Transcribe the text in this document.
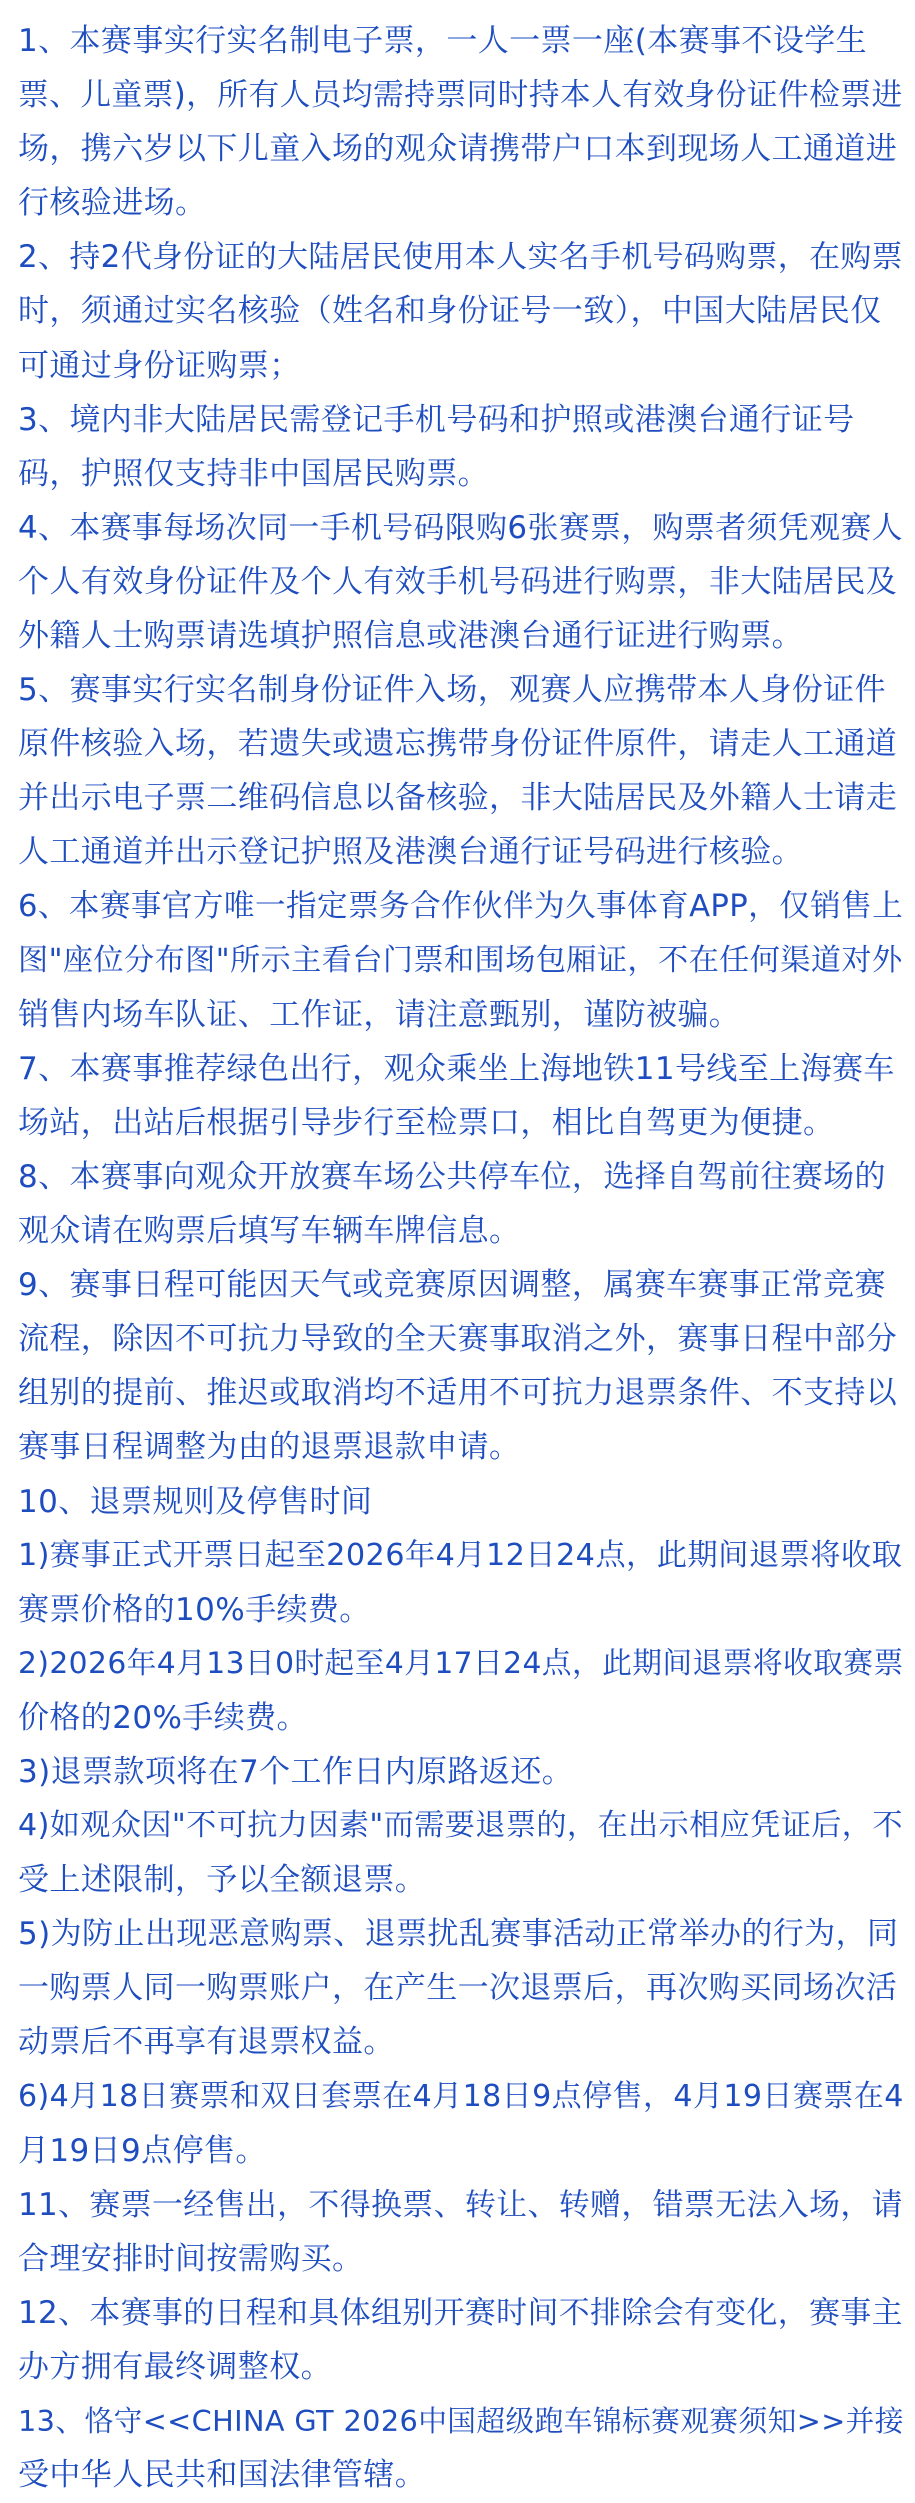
1、本赛事实行实名制电子票，一人一票一座(本赛事不设学生
票、儿童票)，所有人员均需持票同时持本人有效身份证件检票进
场，携六岁以下儿童入场的观众请携带户口本到现场人工通道进
行核验进场。
2、持2代身份证的大陆居民使用本人实名手机号码购票，在购票
时，须通过实名核验（姓名和身份证号一致），中国大陆居民仅
可通过身份证购票；
3、境内非大陆居民需登记手机号码和护照或港澳台通行证号
码，护照仅支持非中国居民购票。
4、本赛事每场次同一手机号码限购6张赛票，购票者须凭观赛人
个人有效身份证件及个人有效手机号码进行购票，非大陆居民及
外籍人士购票请选填护照信息或港澳台通行证进行购票。
5、赛事实行实名制身份证件入场，观赛人应携带本人身份证件
原件核验入场，若遗失或遗忘携带身份证件原件，请走人工通道
并出示电子票二维码信息以备核验，非大陆居民及外籍人士请走
人工通道并出示登记护照及港澳台通行证号码进行核验。
6、本赛事官方唯一指定票务合作伙伴为久事体育APP，仅销售上
图"座位分布图"所示主看台门票和围场包厢证，不在任何渠道对外
销售内场车队证、工作证，请注意甄别，谨防被骗。
7、本赛事推荐绿色出行，观众乘坐上海地铁11号线至上海赛车
场站，出站后根据引导步行至检票口，相比自驾更为便捷。
8、本赛事向观众开放赛车场公共停车位，选择自驾前往赛场的
观众请在购票后填写车辆车牌信息。
9、赛事日程可能因天气或竞赛原因调整，属赛车赛事正常竞赛
流程，除因不可抗力导致的全天赛事取消之外，赛事日程中部分
组别的提前、推迟或取消均不适用不可抗力退票条件、不支持以
赛事日程调整为由的退票退款申请。
10、退票规则及停售时间
1)赛事正式开票日起至2026年4月12日24点，此期间退票将收取
赛票价格的10%手续费。
2)2026年4月13日0时起至4月17日24点，此期间退票将收取赛票
价格的20%手续费。
3)退票款项将在7个工作日内原路返还。
4)如观众因"不可抗力因素"而需要退票的，在出示相应凭证后，不
受上述限制，予以全额退票。
5)为防止出现恶意购票、退票扰乱赛事活动正常举办的行为，同
一购票人同一购票账户，在产生一次退票后，再次购买同场次活
动票后不再享有退票权益。
6)4月18日赛票和双日套票在4月18日9点停售，4月19日赛票在4
月19日9点停售。
11、赛票一经售出，不得换票、转让、转赠，错票无法入场，请
合理安排时间按需购买。
12、本赛事的日程和具体组别开赛时间不排除会有变化，赛事主
办方拥有最终调整权。
13、恪守<<CHINA GT 2026中国超级跑车锦标赛观赛须知>>并接
受中华人民共和国法律管辖。
